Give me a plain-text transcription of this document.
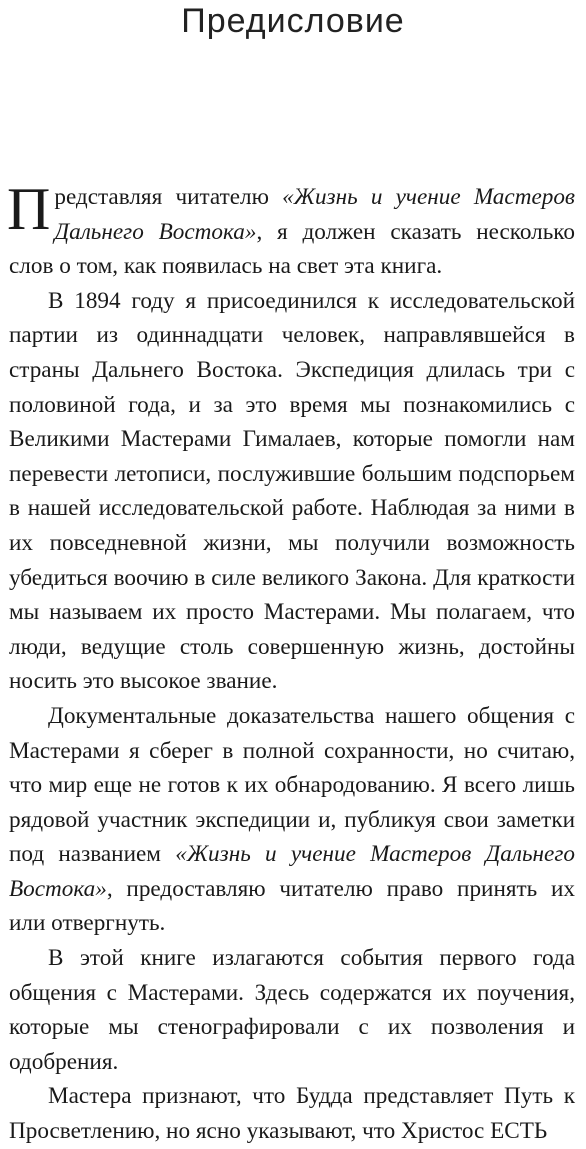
Предисловие

Представляя читателю «Жизнь и учение Мастеров Дальнего Востока», я должен сказать несколько слов о том, как появилась на свет эта книга.

В 1894 году я присоединился к исследовательской партии из одиннадцати человек, направлявшейся в страны Дальнего Востока. Экспедиция длилась три с половиной года, и за это время мы познакомились с Великими Мастерами Гималаев, которые помогли нам перевести летописи, послужившие большим подспорьем в нашей исследовательской работе. Наблюдая за ними в их повседневной жизни, мы получили возможность убедиться воочию в силе великого Закона. Для краткости мы называем их просто Мастерами. Мы полагаем, что люди, ведущие столь совершенную жизнь, достойны носить это высокое звание.

Документальные доказательства нашего общения с Мастерами я сберег в полной сохранности, но считаю, что мир еще не готов к их обнародованию. Я всего лишь рядовой участник экспедиции и, публикуя свои заметки под названием «Жизнь и учение Мастеров Дальнего Востока», предоставляю читателю право принять их или отвергнуть.

В этой книге излагаются события первого года общения с Мастерами. Здесь содержатся их поучения, которые мы стенографировали с их позволения и одобрения.

Мастера признают, что Будда представляет Путь к Просветлению, но ясно указывают, что Христос ЕСТЬ
